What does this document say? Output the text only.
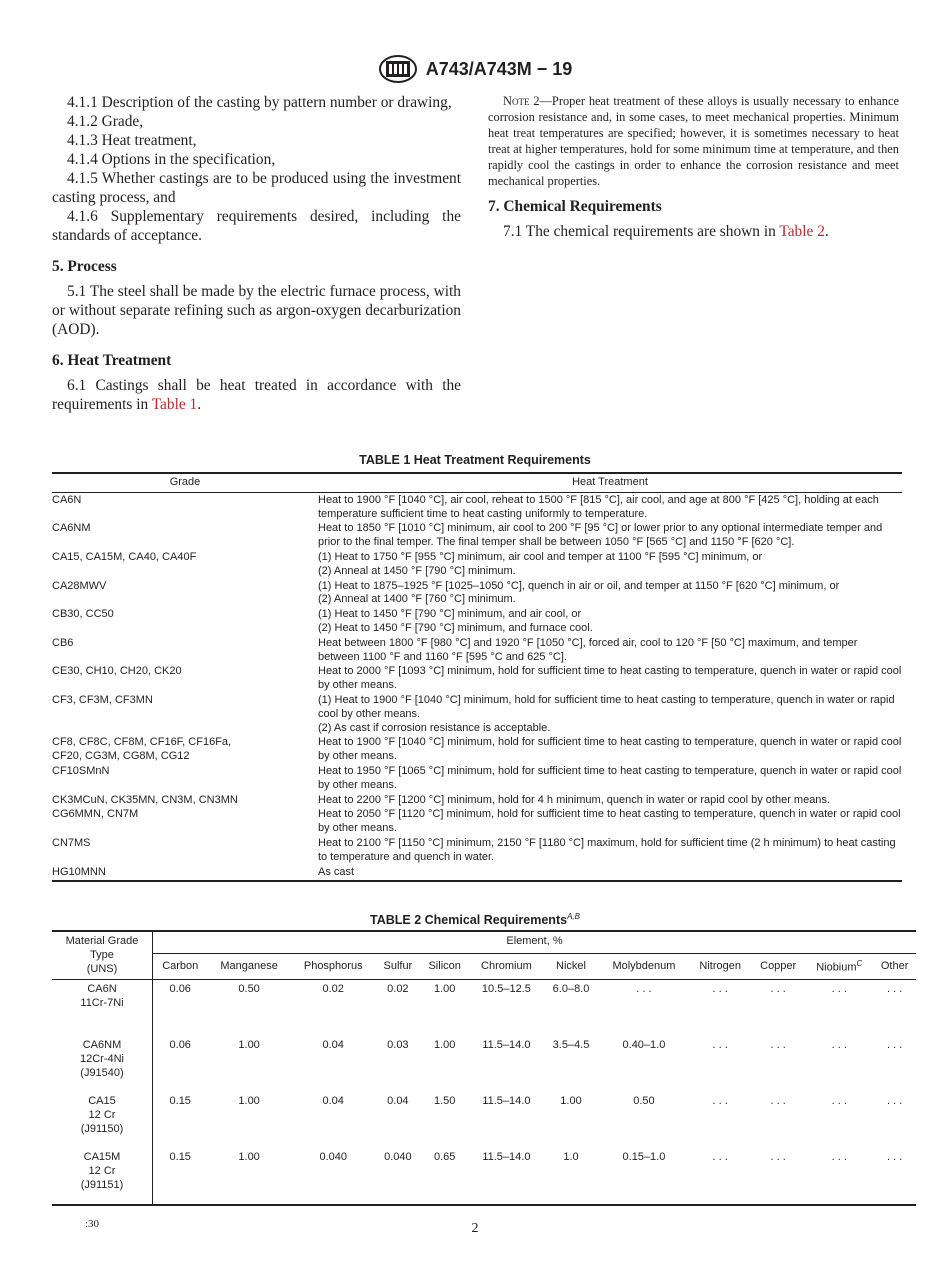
A743/A743M − 19

4.1.1 Description of the casting by pattern number or drawing,

4.1.2 Grade,

4.1.3 Heat treatment,

4.1.4 Options in the specification,

4.1.5 Whether castings are to be produced using the investment casting process, and

4.1.6 Supplementary requirements desired, including the standards of acceptance.

5. Process

5.1 The steel shall be made by the electric furnace process, with or without separate refining such as argon-oxygen decarburization (AOD).

6. Heat Treatment

6.1 Castings shall be heat treated in accordance with the requirements in Table 1.

Note 2—Proper heat treatment of these alloys is usually necessary to enhance corrosion resistance and, in some cases, to meet mechanical properties. Minimum heat treat temperatures are specified; however, it is sometimes necessary to heat treat at higher temperatures, hold for some minimum time at temperature, and then rapidly cool the castings in order to enhance the corrosion resistance and meet mechanical properties.

7. Chemical Requirements

7.1 The chemical requirements are shown in Table 2.

TABLE 1 Heat Treatment Requirements
Grade	Heat Treatment

CA6N	Heat to 1900 °F [1040 °C], air cool, reheat to 1500 °F [815 °C], air cool, and age at 800 °F [425 °C], holding at each temperature sufficient time to heat casting uniformly to temperature.

CA6NM	Heat to 1850 °F [1010 °C] minimum, air cool to 200 °F [95 °C] or lower prior to any optional intermediate temper and prior to the final temper. The final temper shall be between 1050 °F [565 °C] and 1150 °F [620 °C].

CA15, CA15M, CA40, CA40F	(1) Heat to 1750 °F [955 °C] minimum, air cool and temper at 1100 °F [595 °C] minimum, or
(2) Anneal at 1450 °F [790 °C] minimum.

CA28MWV	(1) Heat to 1875–1925 °F [1025–1050 °C], quench in air or oil, and temper at 1150 °F [620 °C] minimum, or
(2) Anneal at 1400 °F [760 °C] minimum.

CB30, CC50	(1) Heat to 1450 °F [790 °C] minimum, and air cool, or
(2) Heat to 1450 °F [790 °C] minimum, and furnace cool.

CB6	Heat between 1800 °F [980 °C] and 1920 °F [1050 °C], forced air, cool to 120 °F [50 °C] maximum, and temper between 1100 °F and 1160 °F [595 °C and 625 °C].

CE30, CH10, CH20, CK20	Heat to 2000 °F [1093 °C] minimum, hold for sufficient time to heat casting to temperature, quench in water or rapid cool by other means.

CF3, CF3M, CF3MN	(1) Heat to 1900 °F [1040 °C] minimum, hold for sufficient time to heat casting to temperature, quench in water or rapid cool by other means.
(2) As cast if corrosion resistance is acceptable.

CF8, CF8C, CF8M, CF16F, CF16Fa,
CF20, CG3M, CG8M, CG12	Heat to 1900 °F [1040 °C] minimum, hold for sufficient time to heat casting to temperature, quench in water or rapid cool by other means.

CF10SMnN	Heat to 1950 °F [1065 °C] minimum, hold for sufficient time to heat casting to temperature, quench in water or rapid cool by other means.

CK3MCuN, CK35MN, CN3M, CN3MN	Heat to 2200 °F [1200 °C] minimum, hold for 4 h minimum, quench in water or rapid cool by other means.

CG6MMN, CN7M	Heat to 2050 °F [1120 °C] minimum, hold for sufficient time to heat casting to temperature, quench in water or rapid cool by other means.

CN7MS	Heat to 2100 °F [1150 °C] minimum, 2150 °F [1180 °C] maximum, hold for sufficient time (2 h minimum) to heat casting to temperature and quench in water.

HG10MNN	As cast
TABLE 2 Chemical Requirements$^{A,B}$
Material Grade
Type
(UNS)	Element, %											
	Carbon	Manganese	Phosphorus	Sulfur	Silicon	Chromium	Nickel	Molybdenum	Nitrogen	Copper	Niobium$^C$	Other

CA6N
11Cr-7Ni	0.06	0.50	0.02	0.02	1.00	10.5–12.5	6.0–8.0	. . .	. . .	. . .	. . .	. . .

CA6NM
12Cr-4Ni
(J91540)	0.06	1.00	0.04	0.03	1.00	11.5–14.0	3.5–4.5	0.40–1.0	. . .	. . .	. . .	. . .

CA15
12 Cr
(J91150)	0.15	1.00	0.04	0.04	1.50	11.5–14.0	1.00	0.50	. . .	. . .	. . .	. . .

CA15M
12 Cr
(J91151)	0.15	1.00	0.040	0.040	0.65	11.5–14.0	1.0	0.15–1.0	. . .	. . .	. . .	. . .
:30	2
